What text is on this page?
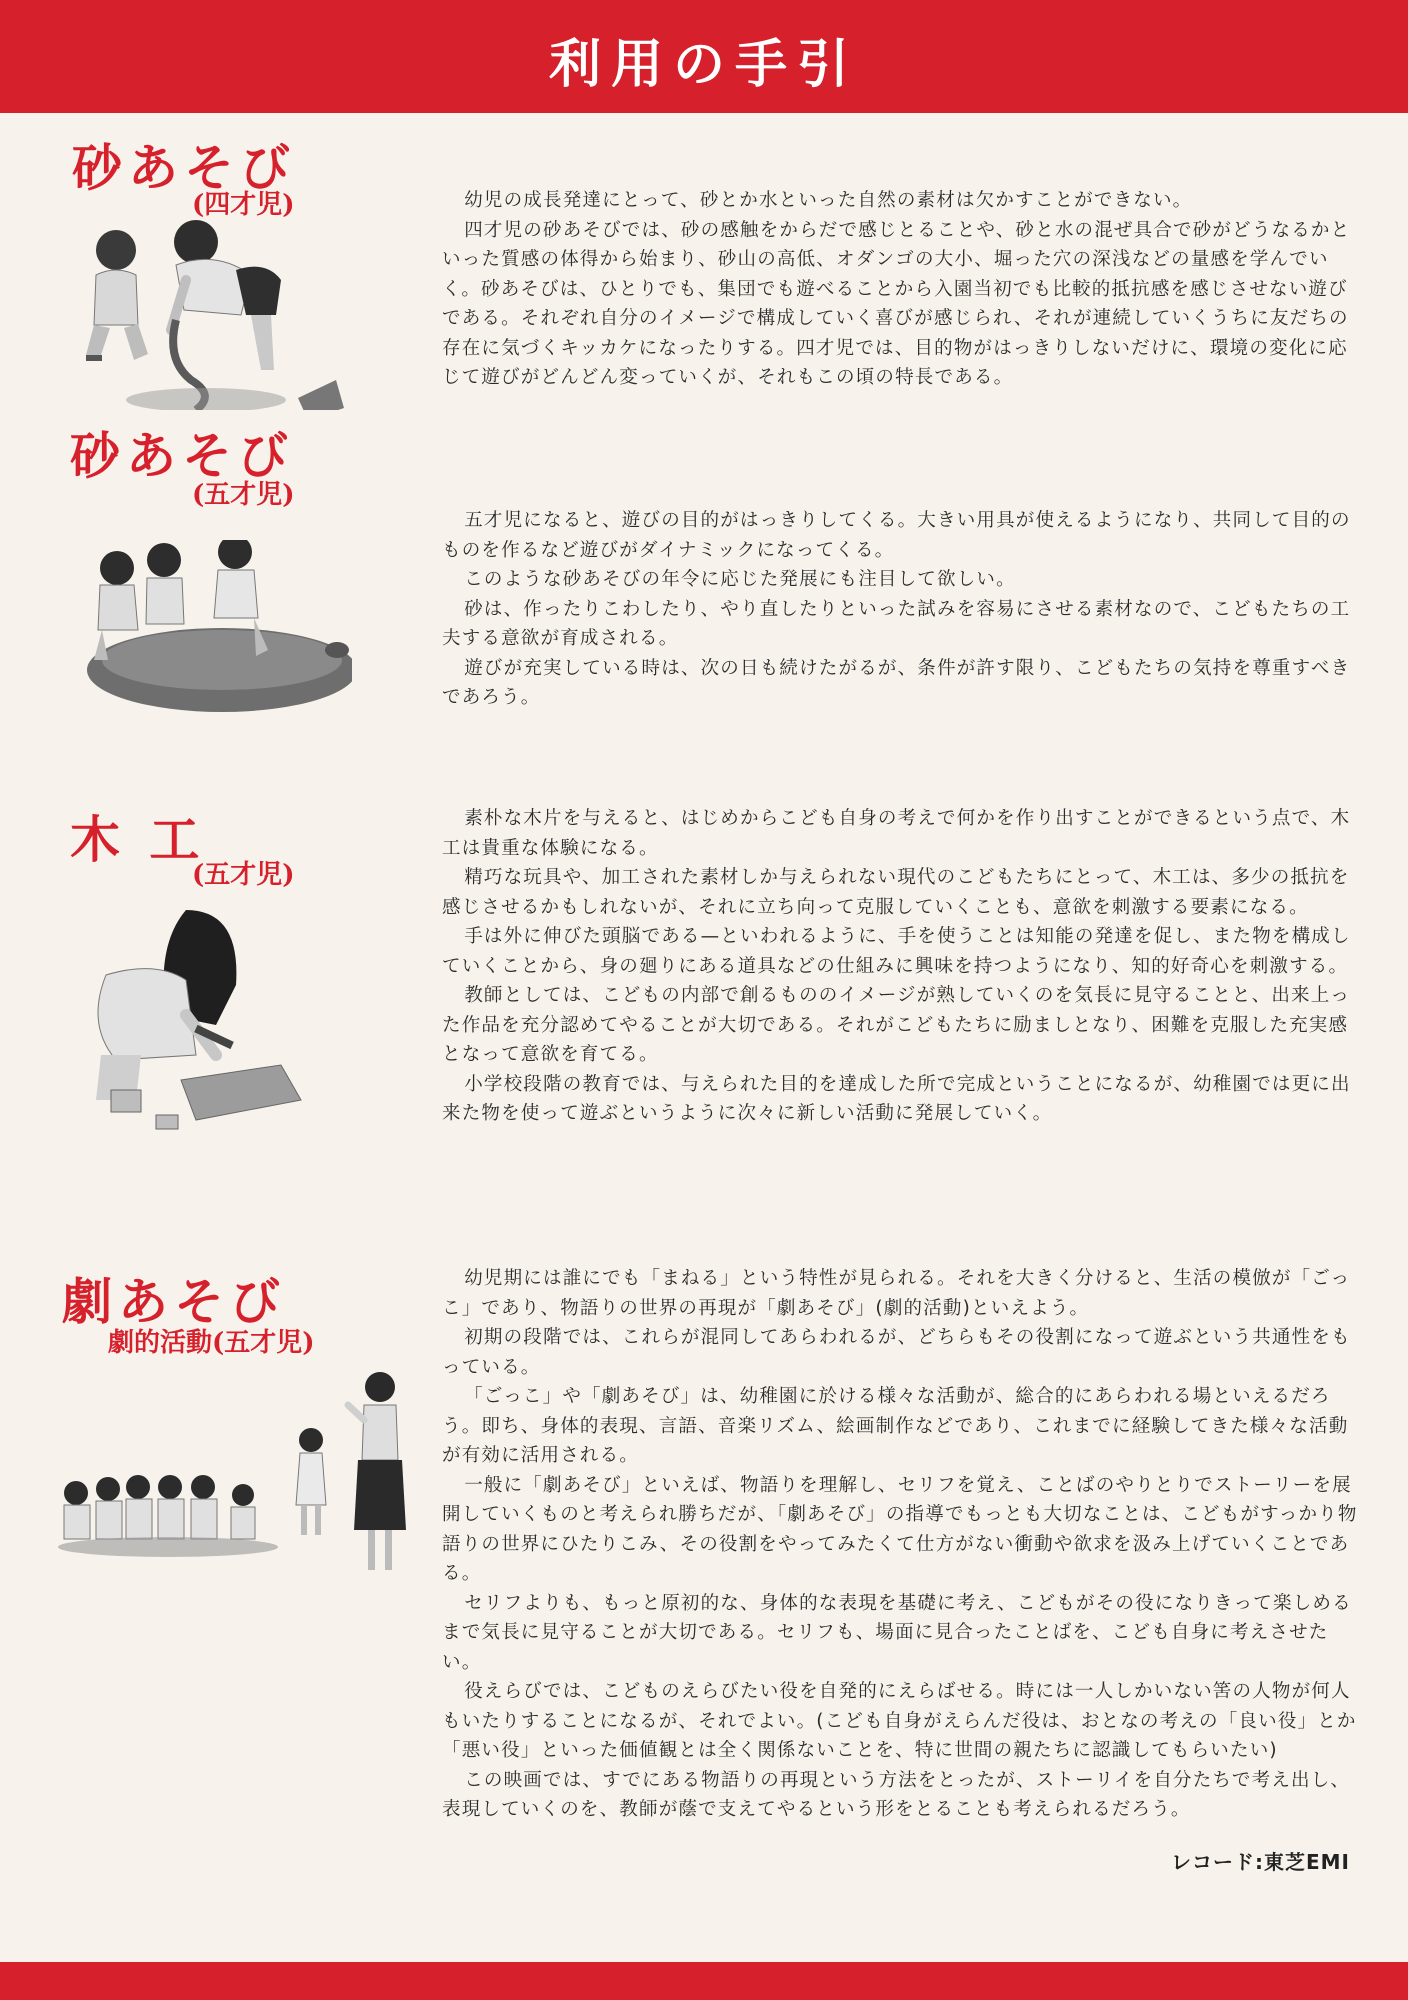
利用の手引
砂あそび
(四才児)	幼児の成長発達にとって、砂とか水といった自然の素材は欠かすことができない。

四才児の砂あそびでは、砂の感触をからだで感じとることや、砂と水の混ぜ具合で砂がどうなるかといった質感の体得から始まり、砂山の高低、オダンゴの大小、堀った穴の深浅などの量感を学んでいく。砂あそびは、ひとりでも、集団でも遊べることから入園当初でも比較的抵抗感を感じさせない遊びである。それぞれ自分のイメージで構成していく喜びが感じられ、それが連続していくうちに友だちの存在に気づくキッカケになったりする。四才児では、目的物がはっきりしないだけに、環境の変化に応じて遊びがどんどん変っていくが、それもこの頃の特長である。

砂あそび
(五才児)

五才児になると、遊びの目的がはっきりしてくる。大きい用具が使えるようになり、共同して目的のものを作るなど遊びがダイナミックになってくる。

このような砂あそびの年令に応じた発展にも注目して欲しい。

砂は、作ったりこわしたり、やり直したりといった試みを容易にさせる素材なので、こどもたちの工夫する意欲が育成される。

遊びが充実している時は、次の日も続けたがるが、条件が許す限り、こどもたちの気持を尊重すべきであろう。

木 工
(五才児)

素朴な木片を与えると、はじめからこども自身の考えで何かを作り出すことができるという点で、木工は貴重な体験になる。

精巧な玩具や、加工された素材しか与えられない現代のこどもたちにとって、木工は、多少の抵抗を感じさせるかもしれないが、それに立ち向って克服していくことも、意欲を刺激する要素になる。

手は外に伸びた頭脳である—といわれるように、手を使うことは知能の発達を促し、また物を構成していくことから、身の廻りにある道具などの仕組みに興味を持つようになり、知的好奇心を刺激する。

教師としては、こどもの内部で創るもののイメージが熟していくのを気長に見守ることと、出来上った作品を充分認めてやることが大切である。それがこどもたちに励ましとなり、困難を克服した充実感となって意欲を育てる。

小学校段階の教育では、与えられた目的を達成した所で完成ということになるが、幼稚園では更に出来た物を使って遊ぶというように次々に新しい活動に発展していく。

劇あそび
劇的活動(五才児)

幼児期には誰にでも「まねる」という特性が見られる。それを大きく分けると、生活の模倣が「ごっこ」であり、物語りの世界の再現が「劇あそび」(劇的活動)といえよう。

初期の段階では、これらが混同してあらわれるが、どちらもその役割になって遊ぶという共通性をもっている。

「ごっこ」や「劇あそび」は、幼稚園に於ける様々な活動が、総合的にあらわれる場といえるだろう。即ち、身体的表現、言語、音楽リズム、絵画制作などであり、これまでに経験してきた様々な活動が有効に活用される。

一般に「劇あそび」といえば、物語りを理解し、セリフを覚え、ことばのやりとりでストーリーを展開していくものと考えられ勝ちだが、「劇あそび」の指導でもっとも大切なことは、こどもがすっかり物語りの世界にひたりこみ、その役割をやってみたくて仕方がない衝動や欲求を汲み上げていくことである。

セリフよりも、もっと原初的な、身体的な表現を基礎に考え、こどもがその役になりきって楽しめるまで気長に見守ることが大切である。セリフも、場面に見合ったことばを、こども自身に考えさせたい。

役えらびでは、こどものえらびたい役を自発的にえらばせる。時には一人しかいない筈の人物が何人もいたりすることになるが、それでよい。(こども自身がえらんだ役は、おとなの考えの「良い役」とか「悪い役」といった価値観とは全く関係ないことを、特に世間の親たちに認識してもらいたい)

この映画では、すでにある物語りの再現という方法をとったが、ストーリイを自分たちで考え出し、表現していくのを、教師が蔭で支えてやるという形をとることも考えられるだろう。

レコード:東芝EMI
